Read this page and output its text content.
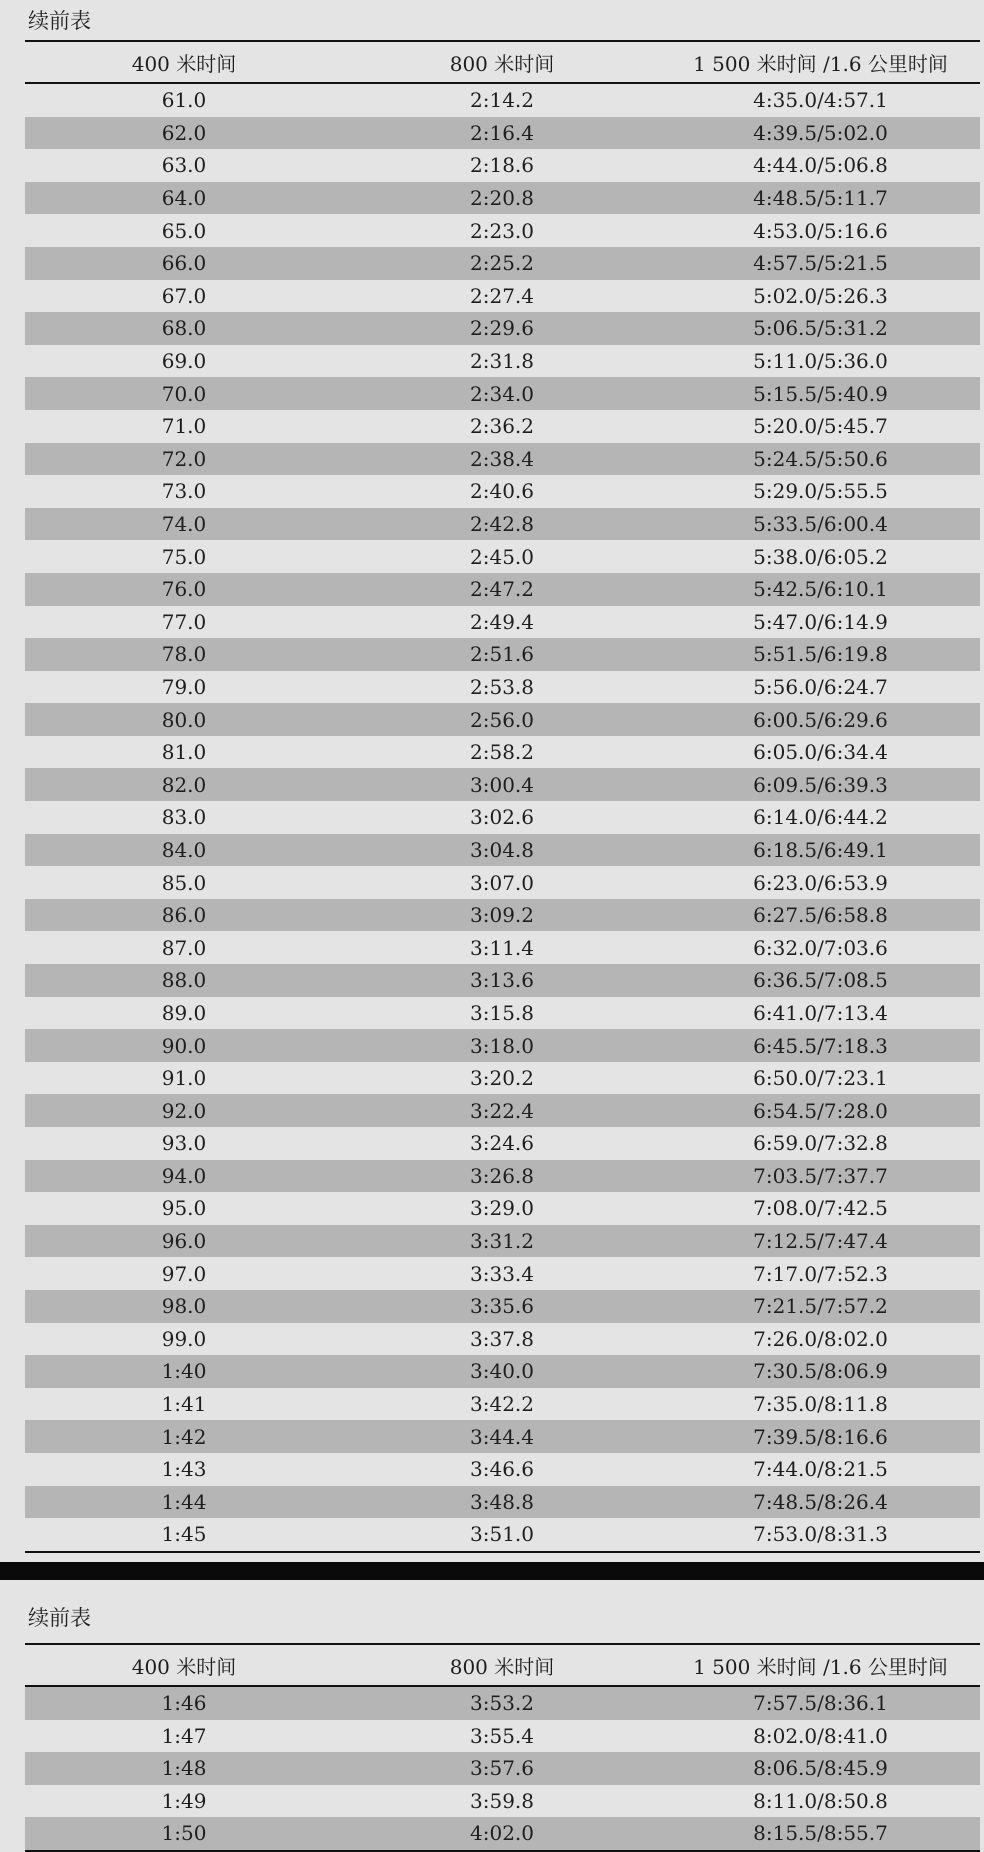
续前表
400 米时间	800 米时间	1 500 米时间 /1.6 公里时间
61.0	2:14.2	4:35.0/4:57.1
62.0	2:16.4	4:39.5/5:02.0
63.0	2:18.6	4:44.0/5:06.8
64.0	2:20.8	4:48.5/5:11.7
65.0	2:23.0	4:53.0/5:16.6
66.0	2:25.2	4:57.5/5:21.5
67.0	2:27.4	5:02.0/5:26.3
68.0	2:29.6	5:06.5/5:31.2
69.0	2:31.8	5:11.0/5:36.0
70.0	2:34.0	5:15.5/5:40.9
71.0	2:36.2	5:20.0/5:45.7
72.0	2:38.4	5:24.5/5:50.6
73.0	2:40.6	5:29.0/5:55.5
74.0	2:42.8	5:33.5/6:00.4
75.0	2:45.0	5:38.0/6:05.2
76.0	2:47.2	5:42.5/6:10.1
77.0	2:49.4	5:47.0/6:14.9
78.0	2:51.6	5:51.5/6:19.8
79.0	2:53.8	5:56.0/6:24.7
80.0	2:56.0	6:00.5/6:29.6
81.0	2:58.2	6:05.0/6:34.4
82.0	3:00.4	6:09.5/6:39.3
83.0	3:02.6	6:14.0/6:44.2
84.0	3:04.8	6:18.5/6:49.1
85.0	3:07.0	6:23.0/6:53.9
86.0	3:09.2	6:27.5/6:58.8
87.0	3:11.4	6:32.0/7:03.6
88.0	3:13.6	6:36.5/7:08.5
89.0	3:15.8	6:41.0/7:13.4
90.0	3:18.0	6:45.5/7:18.3
91.0	3:20.2	6:50.0/7:23.1
92.0	3:22.4	6:54.5/7:28.0
93.0	3:24.6	6:59.0/7:32.8
94.0	3:26.8	7:03.5/7:37.7
95.0	3:29.0	7:08.0/7:42.5
96.0	3:31.2	7:12.5/7:47.4
97.0	3:33.4	7:17.0/7:52.3
98.0	3:35.6	7:21.5/7:57.2
99.0	3:37.8	7:26.0/8:02.0
1:40	3:40.0	7:30.5/8:06.9
1:41	3:42.2	7:35.0/8:11.8
1:42	3:44.4	7:39.5/8:16.6
1:43	3:46.6	7:44.0/8:21.5
1:44	3:48.8	7:48.5/8:26.4
1:45	3:51.0	7:53.0/8:31.3
续前表
400 米时间	800 米时间	1 500 米时间 /1.6 公里时间
1:46	3:53.2	7:57.5/8:36.1
1:47	3:55.4	8:02.0/8:41.0
1:48	3:57.6	8:06.5/8:45.9
1:49	3:59.8	8:11.0/8:50.8
1:50	4:02.0	8:15.5/8:55.7
